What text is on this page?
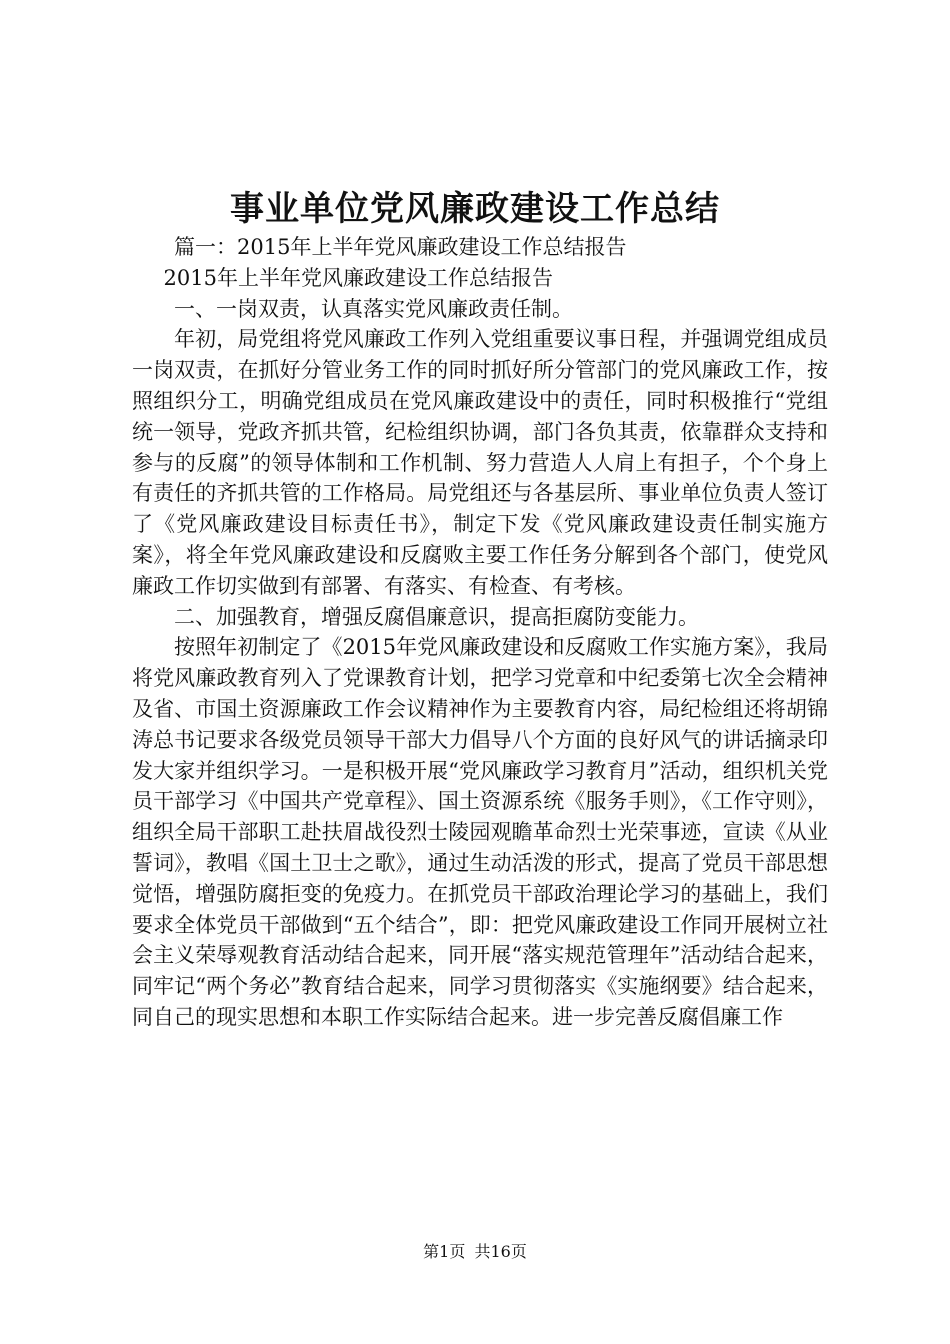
事业单位党风廉政建设工作总结

篇一：2015年上半年党风廉政建设工作总结报告

2015年上半年党风廉政建设工作总结报告

一、一岗双责，认真落实党风廉政责任制。

年初，局党组将党风廉政工作列入党组重要议事日程，并强调党组成员一岗双责，在抓好分管业务工作的同时抓好所分管部门的党风廉政工作，按照组织分工，明确党组成员在党风廉政建设中的责任，同时积极推行“党组统一领导，党政齐抓共管，纪检组织协调，部门各负其责，依靠群众支持和参与的反腐”的领导体制和工作机制、努力营造人人肩上有担子，个个身上有责任的齐抓共管的工作格局。局党组还与各基层所、事业单位负责人签订了《党风廉政建设目标责任书》，制定下发《党风廉政建设责任制实施方案》，将全年党风廉政建设和反腐败主要工作任务分解到各个部门，使党风廉政工作切实做到有部署、有落实、有检查、有考核。

二、加强教育，增强反腐倡廉意识，提高拒腐防变能力。

按照年初制定了《2015年党风廉政建设和反腐败工作实施方案》，我局将党风廉政教育列入了党课教育计划，把学习党章和中纪委第七次全会精神及省、市国土资源廉政工作会议精神作为主要教育内容，局纪检组还将胡锦涛总书记要求各级党员领导干部大力倡导八个方面的良好风气的讲话摘录印发大家并组织学习。一是积极开展“党风廉政学习教育月”活动，组织机关党员干部学习《中国共产党章程》、国土资源系统《服务手则》，《工作守则》，组织全局干部职工赴扶眉战役烈士陵园观瞻革命烈士光荣事迹，宣读《从业誓词》，教唱《国土卫士之歌》，通过生动活泼的形式，提高了党员干部思想觉悟，增强防腐拒变的免疫力。在抓党员干部政治理论学习的基础上，我们要求全体党员干部做到“五个结合”，即：把党风廉政建设工作同开展树立社会主义荣辱观教育活动结合起来，同开展“落实规范管理年”活动结合起来，同牢记“两个务必”教育结合起来，同学习贯彻落实《实施纲要》结合起来，同自己的现实思想和本职工作实际结合起来。进一步完善反腐倡廉工作

第1页 共16页
